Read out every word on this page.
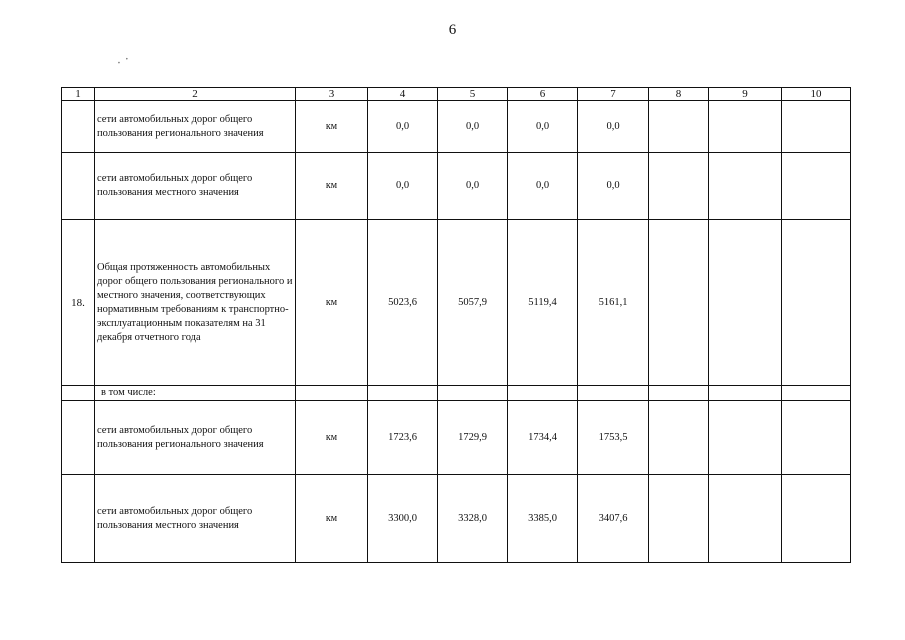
6
⠂⠁
1	2	3	4	5	6	7	8	9	10
	сети автомобильных дорог общего пользования регионального значения	км	0,0	0,0	0,0	0,0			
	сети автомобильных дорог общего пользования местного значения	км	0,0	0,0	0,0	0,0			
18.	Общая протяженность автомобильных дорог общего пользования регионального и местного значения, соответствующих нормативным требованиям к транспортно-эксплуатационным показателям на 31 декабря отчетного года	км	5023,6	5057,9	5119,4	5161,1			
	в том числе:								
	сети автомобильных дорог общего пользования регионального значения	км	1723,6	1729,9	1734,4	1753,5			
	сети автомобильных дорог общего пользования местного значения	км	3300,0	3328,0	3385,0	3407,6			
